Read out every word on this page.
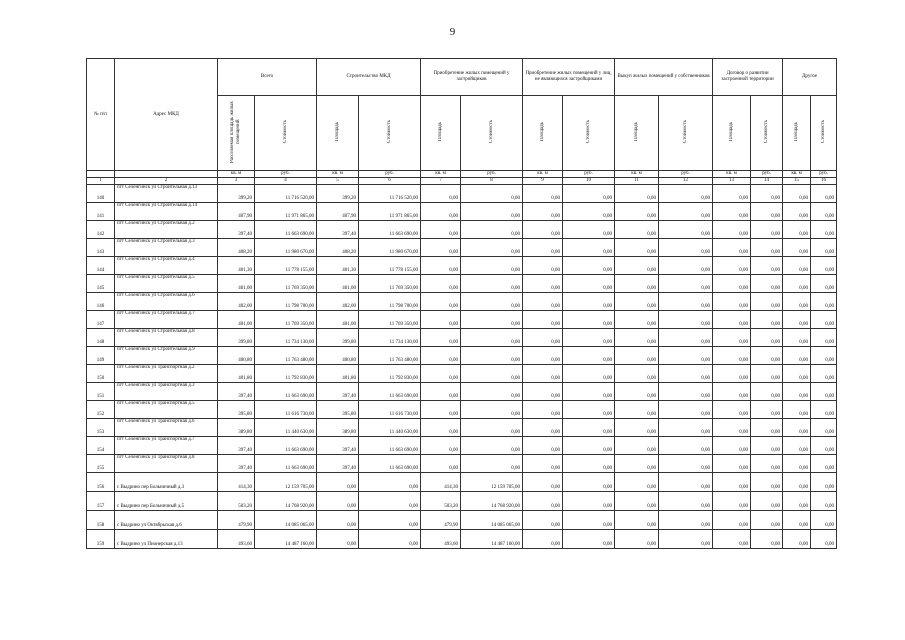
9
№ п/п	Адрес МКД	Всего		Строительство МКД		Приобретение жилых помещений у застройщиков		Приобретение жилых помещений у лиц, не являющихся застройщиками		Выкуп жилых помещений у собственников		Договор о развитии застроенной территории		Другое	
		Расселяемая площадь жилых помещений	Стоимость	Площадь	Стоимость	Площадь	Стоимость	Площадь	Стоимость	Площадь	Стоимость	Площадь	Стоимость	Площадь	Стоимость
		кв. м	руб.	кв. м	руб.	кв. м	руб.	кв. м	руб.	кв. м	руб.	кв. м	руб.	кв. м	руб.
1	2	3	4	5	6	7	8	9	10	11	12	13	14	15	16
140	пгт Селенгинск ул Строительная д.13	399,20	11 716 520,00	399,20	11 716 520,00	0,00	0,00	0,00	0,00	0,00	0,00	0,00	0,00	0,00	0,00
141	пгт Селенгинск ул Строительная д.14	407,90	11 971 865,00	407,90	11 971 865,00	0,00	0,00	0,00	0,00	0,00	0,00	0,00	0,00	0,00	0,00
142	пгт Селенгинск ул Строительная д.2	397,40	11 663 690,00	397,40	11 663 690,00	0,00	0,00	0,00	0,00	0,00	0,00	0,00	0,00	0,00	0,00
143	пгт Селенгинск ул Строительная д.3	408,20	11 980 670,00	408,20	11 980 670,00	0,00	0,00	0,00	0,00	0,00	0,00	0,00	0,00	0,00	0,00
144	пгт Селенгинск ул Строительная д.4	401,30	11 778 155,00	401,30	11 778 155,00	0,00	0,00	0,00	0,00	0,00	0,00	0,00	0,00	0,00	0,00
145	пгт Селенгинск ул Строительная д.5	401,00	11 769 350,00	401,00	11 769 350,00	0,00	0,00	0,00	0,00	0,00	0,00	0,00	0,00	0,00	0,00
146	пгт Селенгинск ул Строительная д.6	402,00	11 798 700,00	402,00	11 798 700,00	0,00	0,00	0,00	0,00	0,00	0,00	0,00	0,00	0,00	0,00
147	пгт Селенгинск ул Строительная д.7	401,00	11 769 350,00	401,00	11 769 350,00	0,00	0,00	0,00	0,00	0,00	0,00	0,00	0,00	0,00	0,00
148	пгт Селенгинск ул Строительная д.8	399,80	11 734 130,00	399,80	11 734 130,00	0,00	0,00	0,00	0,00	0,00	0,00	0,00	0,00	0,00	0,00
149	пгт Селенгинск ул Строительная д.9	400,80	11 763 480,00	400,80	11 763 480,00	0,00	0,00	0,00	0,00	0,00	0,00	0,00	0,00	0,00	0,00
150	пгт Селенгинск ул Транспортная д.2	401,80	11 792 830,00	401,80	11 792 830,00	0,00	0,00	0,00	0,00	0,00	0,00	0,00	0,00	0,00	0,00
151	пгт Селенгинск ул Транспортная д.3	397,40	11 663 690,00	397,40	11 663 690,00	0,00	0,00	0,00	0,00	0,00	0,00	0,00	0,00	0,00	0,00
152	пгт Селенгинск ул Транспортная д.5	395,80	11 616 730,00	395,80	11 616 730,00	0,00	0,00	0,00	0,00	0,00	0,00	0,00	0,00	0,00	0,00
153	пгт Селенгинск ул Транспортная д.6	389,80	11 440 630,00	389,80	11 440 630,00	0,00	0,00	0,00	0,00	0,00	0,00	0,00	0,00	0,00	0,00
154	пгт Селенгинск ул Транспортная д.7	397,40	11 663 690,00	397,40	11 663 690,00	0,00	0,00	0,00	0,00	0,00	0,00	0,00	0,00	0,00	0,00
155	пгт Селенгинск ул Транспортная д.8	397,40	11 663 690,00	397,40	11 663 690,00	0,00	0,00	0,00	0,00	0,00	0,00	0,00	0,00	0,00	0,00
156	с Выдрино пер Больничный д.3	414,30	12 159 705,00	0,00	0,00	414,30	12 159 705,00	0,00	0,00	0,00	0,00	0,00	0,00	0,00	0,00
157	с Выдрино пер Больничный д.5	503,20	14 768 920,00	0,00	0,00	503,20	14 768 920,00	0,00	0,00	0,00	0,00	0,00	0,00	0,00	0,00
158	с Выдрино ул Октябрьская д.6	479,90	14 085 065,00	0,00	0,00	479,90	14 085 065,00	0,00	0,00	0,00	0,00	0,00	0,00	0,00	0,00
159	с Выдрино ул Пионерская д.13	493,60	14 487 160,00	0,00	0,00	493,60	14 487 160,00	0,00	0,00	0,00	0,00	0,00	0,00	0,00	0,00
